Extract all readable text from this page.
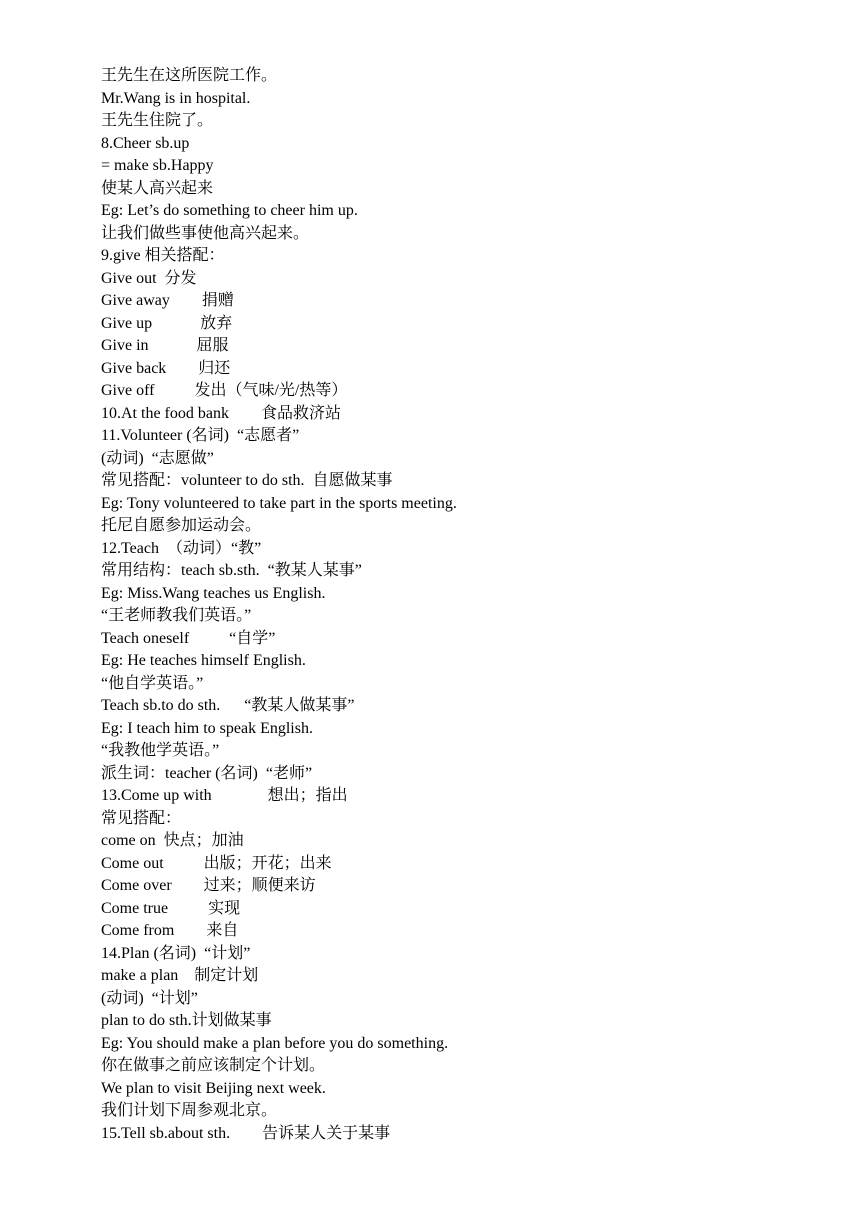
王先生在这所医院工作。
Mr.Wang is in hospital.
王先生住院了。
8.Cheer sb.up
= make sb.Happy
使某人高兴起来
Eg: Let’s do something to cheer him up.
让我们做些事使他高兴起来。
9.give 相关搭配：
Give out  分发
Give away        捐赠
Give up            放弃
Give in            屈服
Give back        归还
Give off          发出（气味/光/热等）
10.At the food bank        食品救济站
11.Volunteer (名词)  “志愿者”
(动词)  “志愿做”
常见搭配：volunteer to do sth.  自愿做某事
Eg: Tony volunteered to take part in the sports meeting.
托尼自愿参加运动会。
12.Teach  （动词）“教”
常用结构：teach sb.sth.  “教某人某事”
Eg: Miss.Wang teaches us English.
“王老师教我们英语。”
Teach oneself          “自学”
Eg: He teaches himself English.
“他自学英语。”
Teach sb.to do sth.      “教某人做某事”
Eg: I teach him to speak English.
“我教他学英语。”
派生词：teacher (名词)  “老师”
13.Come up with              想出；指出
常见搭配：
come on  快点；加油
Come out          出版；开花；出来
Come over        过来；顺便来访
Come true          实现
Come from        来自
14.Plan (名词)  “计划”
make a plan    制定计划
(动词)  “计划”
plan to do sth.计划做某事
Eg: You should make a plan before you do something.
你在做事之前应该制定个计划。
We plan to visit Beijing next week.
我们计划下周参观北京。
15.Tell sb.about sth.        告诉某人关于某事
